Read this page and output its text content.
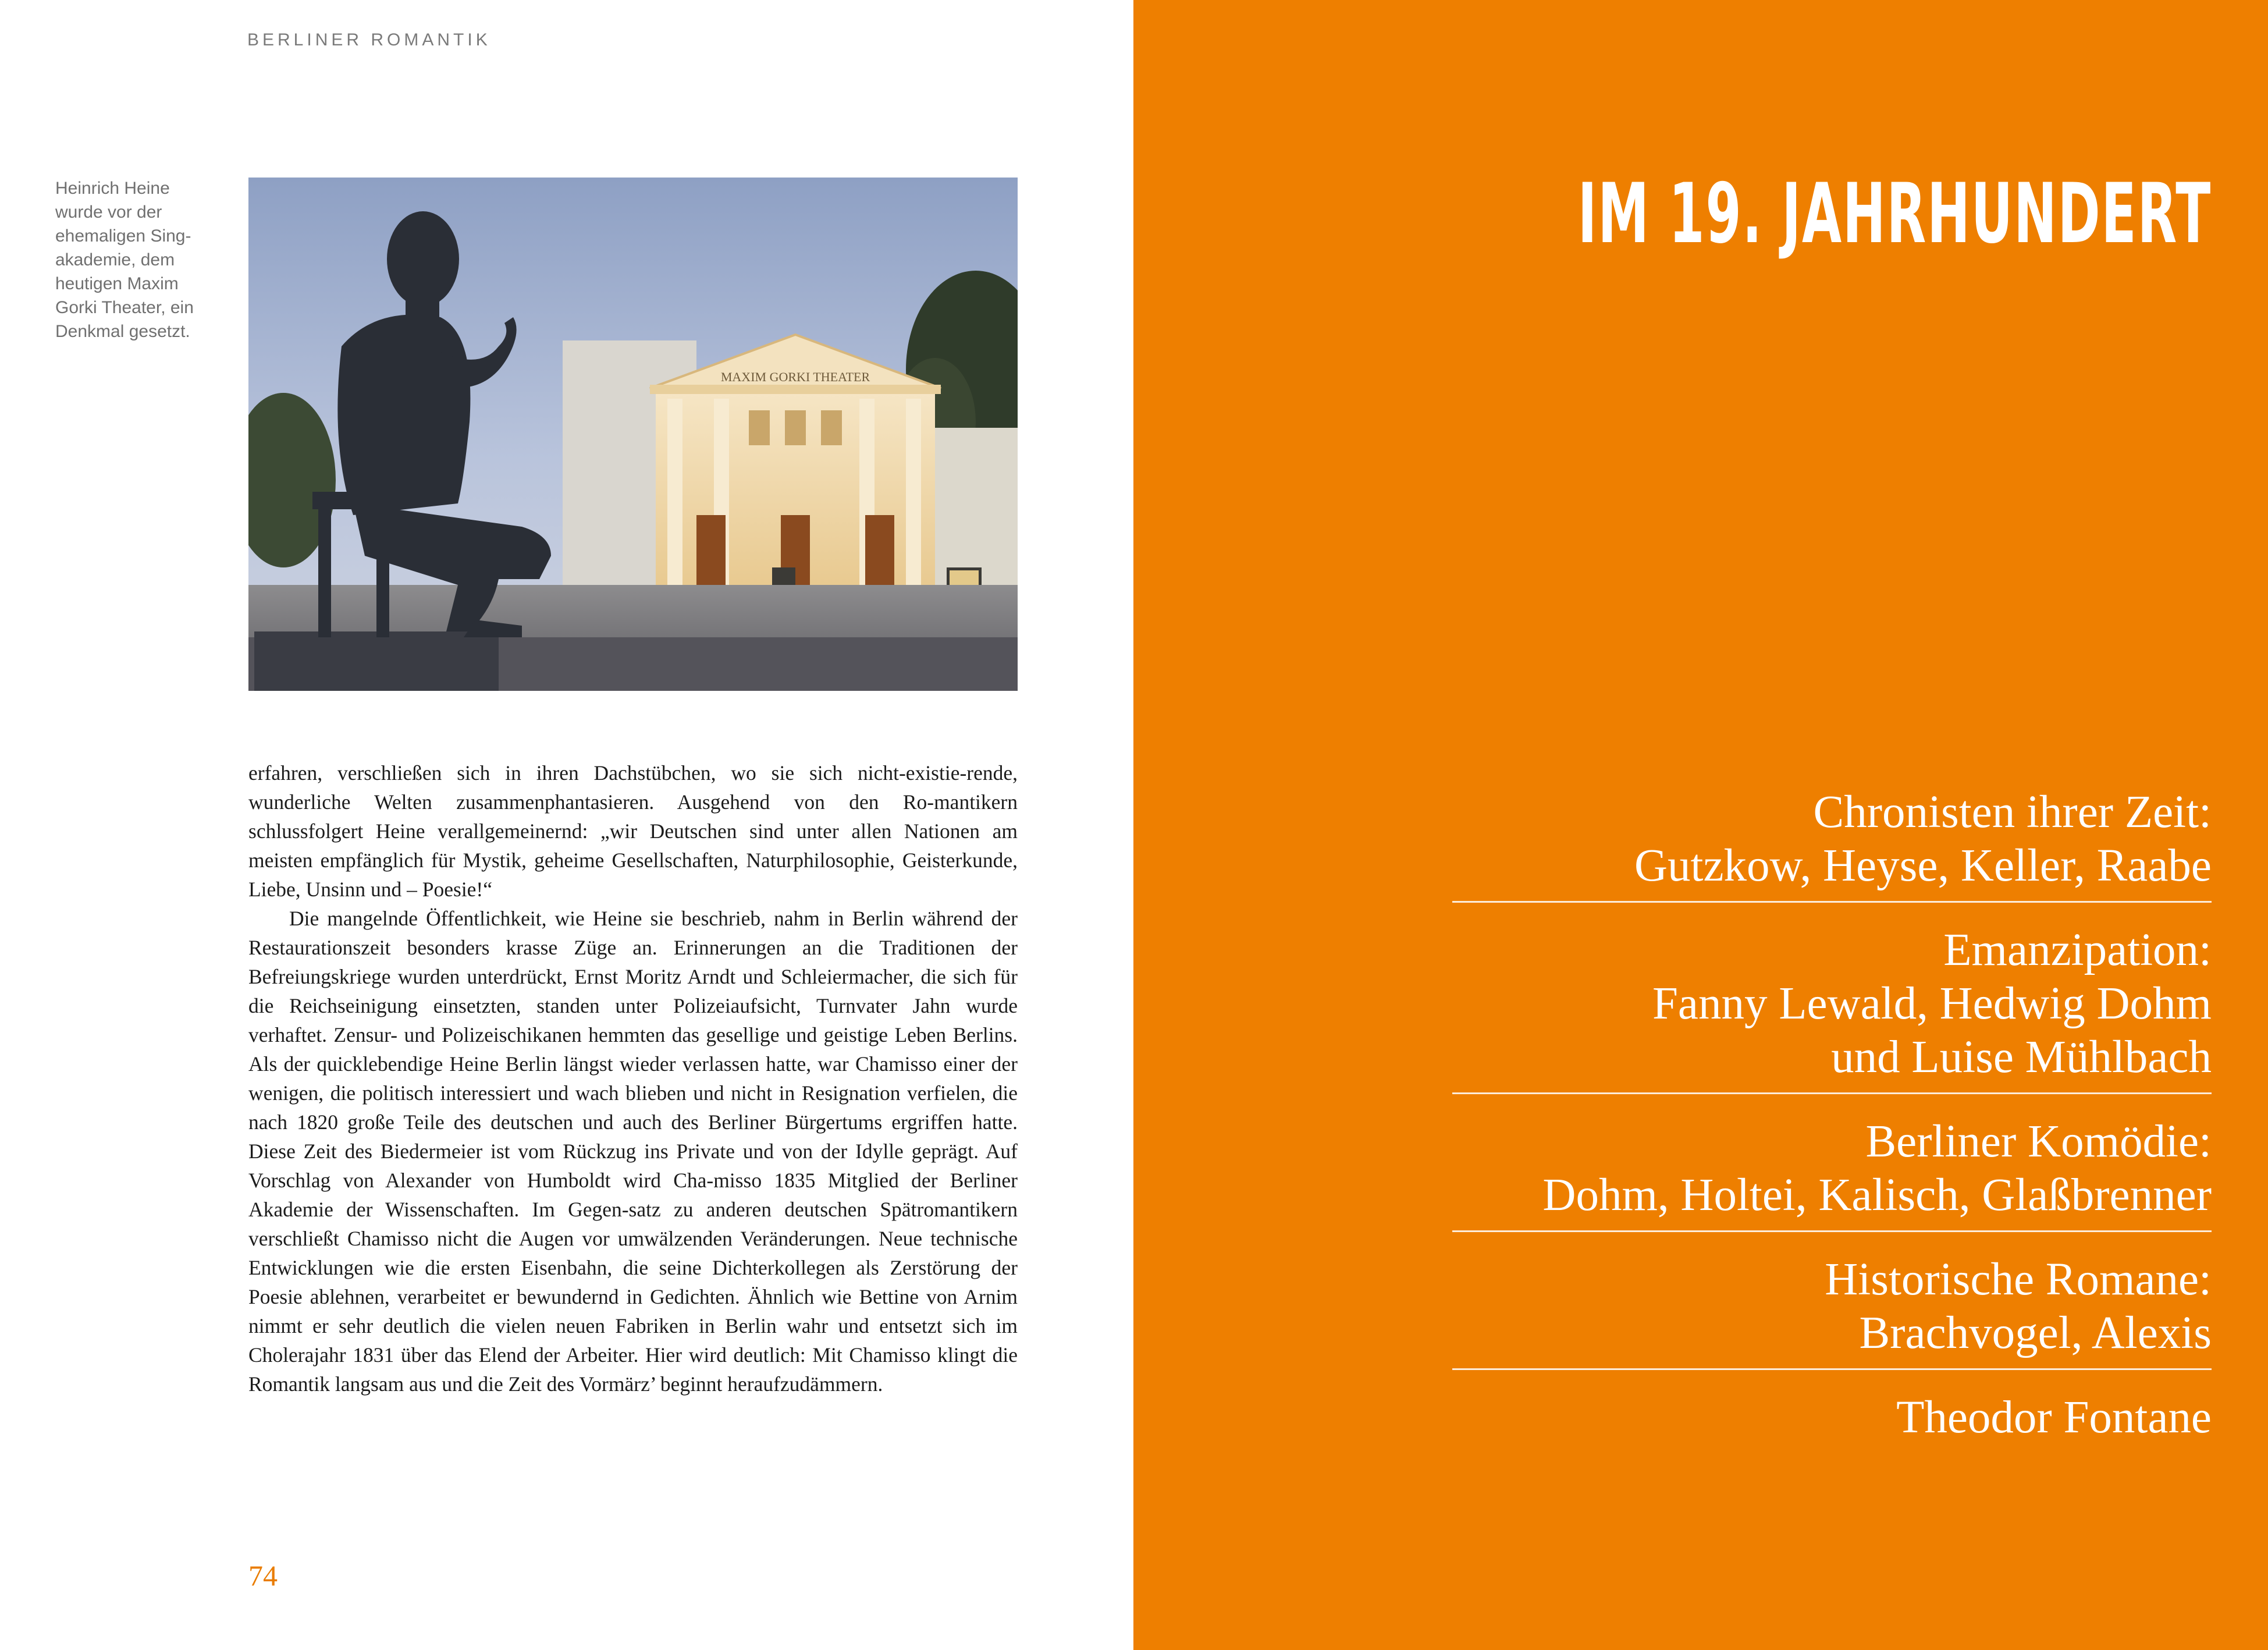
BERLINER ROMANTIK
Heinrich Heine
wurde vor der
ehemaligen Sing-
akademie, dem
heutigen Maxim
Gorki Theater, ein
Denkmal gesetzt.
MAXIM GORKI THEATER

erfahren, verschließen sich in ihren Dachstübchen, wo sie sich nicht-existie-rende, wunderliche Welten zusammenphantasieren. Ausgehend von den Ro-mantikern schlussfolgert Heine verallgemeinernd: „wir Deutschen sind unter allen Nationen am meisten empfänglich für Mystik, geheime Gesellschaften, Naturphilosophie, Geisterkunde, Liebe, Unsinn und – Poesie!“

Die mangelnde Öffentlichkeit, wie Heine sie beschrieb, nahm in Berlin während der Restaurationszeit besonders krasse Züge an. Erinnerungen an die Traditionen der Befreiungskriege wurden unterdrückt, Ernst Moritz Arndt und Schleiermacher, die sich für die Reichseinigung einsetzten, standen unter Polizeiaufsicht, Turnvater Jahn wurde verhaftet. Zensur- und Polizeischikanen hemmten das gesellige und geistige Leben Berlins. Als der quicklebendige Heine Berlin längst wieder verlassen hatte, war Chamisso einer der wenigen, die politisch interessiert und wach blieben und nicht in Resignation verfielen, die nach 1820 große Teile des deutschen und auch des Berliner Bürgertums ergriffen hatte. Diese Zeit des Biedermeier ist vom Rückzug ins Private und von der Idylle geprägt. Auf Vorschlag von Alexander von Humboldt wird Cha-misso 1835 Mitglied der Berliner Akademie der Wissenschaften. Im Gegen-satz zu anderen deutschen Spätromantikern verschließt Chamisso nicht die Augen vor umwälzenden Veränderungen. Neue technische Entwicklungen wie die ersten Eisenbahn, die seine Dichterkollegen als Zerstörung der Poesie ablehnen, verarbeitet er bewundernd in Gedichten. Ähnlich wie Bettine von Arnim nimmt er sehr deutlich die vielen neuen Fabriken in Berlin wahr und entsetzt sich im Cholerajahr 1831 über das Elend der Arbeiter. Hier wird deutlich: Mit Chamisso klingt die Romantik langsam aus und die Zeit des Vormärz’ beginnt heraufzudämmern.

74
IM 19. JAHRHUNDERT
Chronisten ihrer Zeit:
Gutzkow, Heyse, Keller, Raabe
Emanzipation:
Fanny Lewald, Hedwig Dohm
und Luise Mühlbach
Berliner Komödie:
Dohm, Holtei, Kalisch, Glaßbrenner
Historische Romane:
Brachvogel, Alexis
Theodor Fontane
